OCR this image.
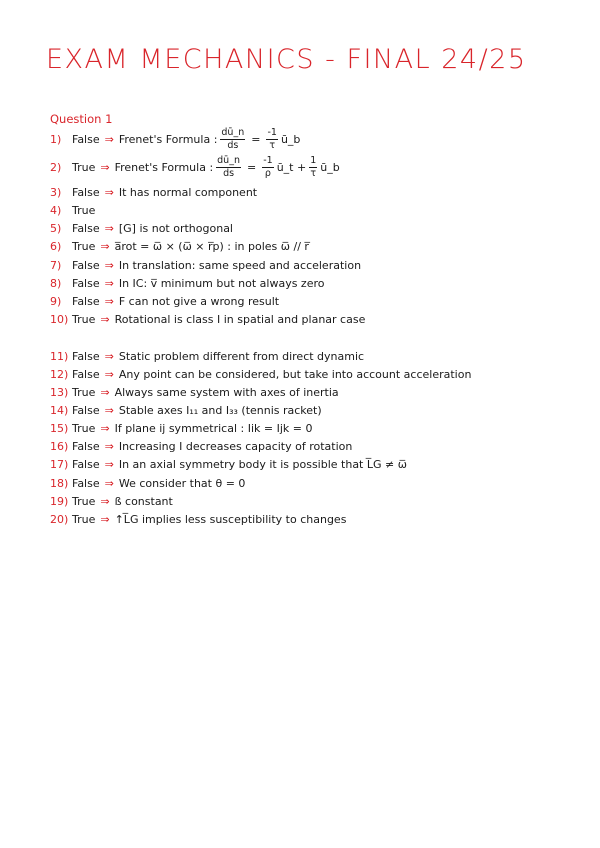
EXAM MECHANICS - FINAL 24/25
Question 1
1) False ⇒ Frenet's Formula : $\frac{dū\_n}{ds} = \frac{-1}{\tau}$ ū_b
2) True ⇒ Frenet's Formula : $\frac{dū\_n}{ds} = \frac{-1}{\rho}$ ū_t + $\frac{1}{\tau}$ ū_b
3) False ⇒ It has normal component
4) True
5) False ⇒ [G] is not orthogonal
6) True ⇒ a̅rot = ω̅ × (ω̅ × r̅p) : in poles ω̅ // r̅
7) False ⇒ In translation: same speed and acceleration
8) False ⇒ In IC: v̅ minimum but not always zero
9) False ⇒ F can not give a wrong result
10) True ⇒ Rotational is class I in spatial and planar case
11) False ⇒ Static problem different from direct dynamic
12) False ⇒ Any point can be considered, but take into account acceleration
13) True ⇒ Always same system with axes of inertia
14) False ⇒ Stable axes I₁₁ and I₃₃ (tennis racket)
15) True ⇒ If plane ij symmetrical : Iik = Ijk = 0
16) False ⇒ Increasing I decreases capacity of rotation
17) False ⇒ In an axial symmetry body it is possible that L̅G ≠ ω̅
18) False ⇒ We consider that θ = 0
19) True ⇒ ß constant
20) True ⇒ ↑L̅G implies less susceptibility to changes
